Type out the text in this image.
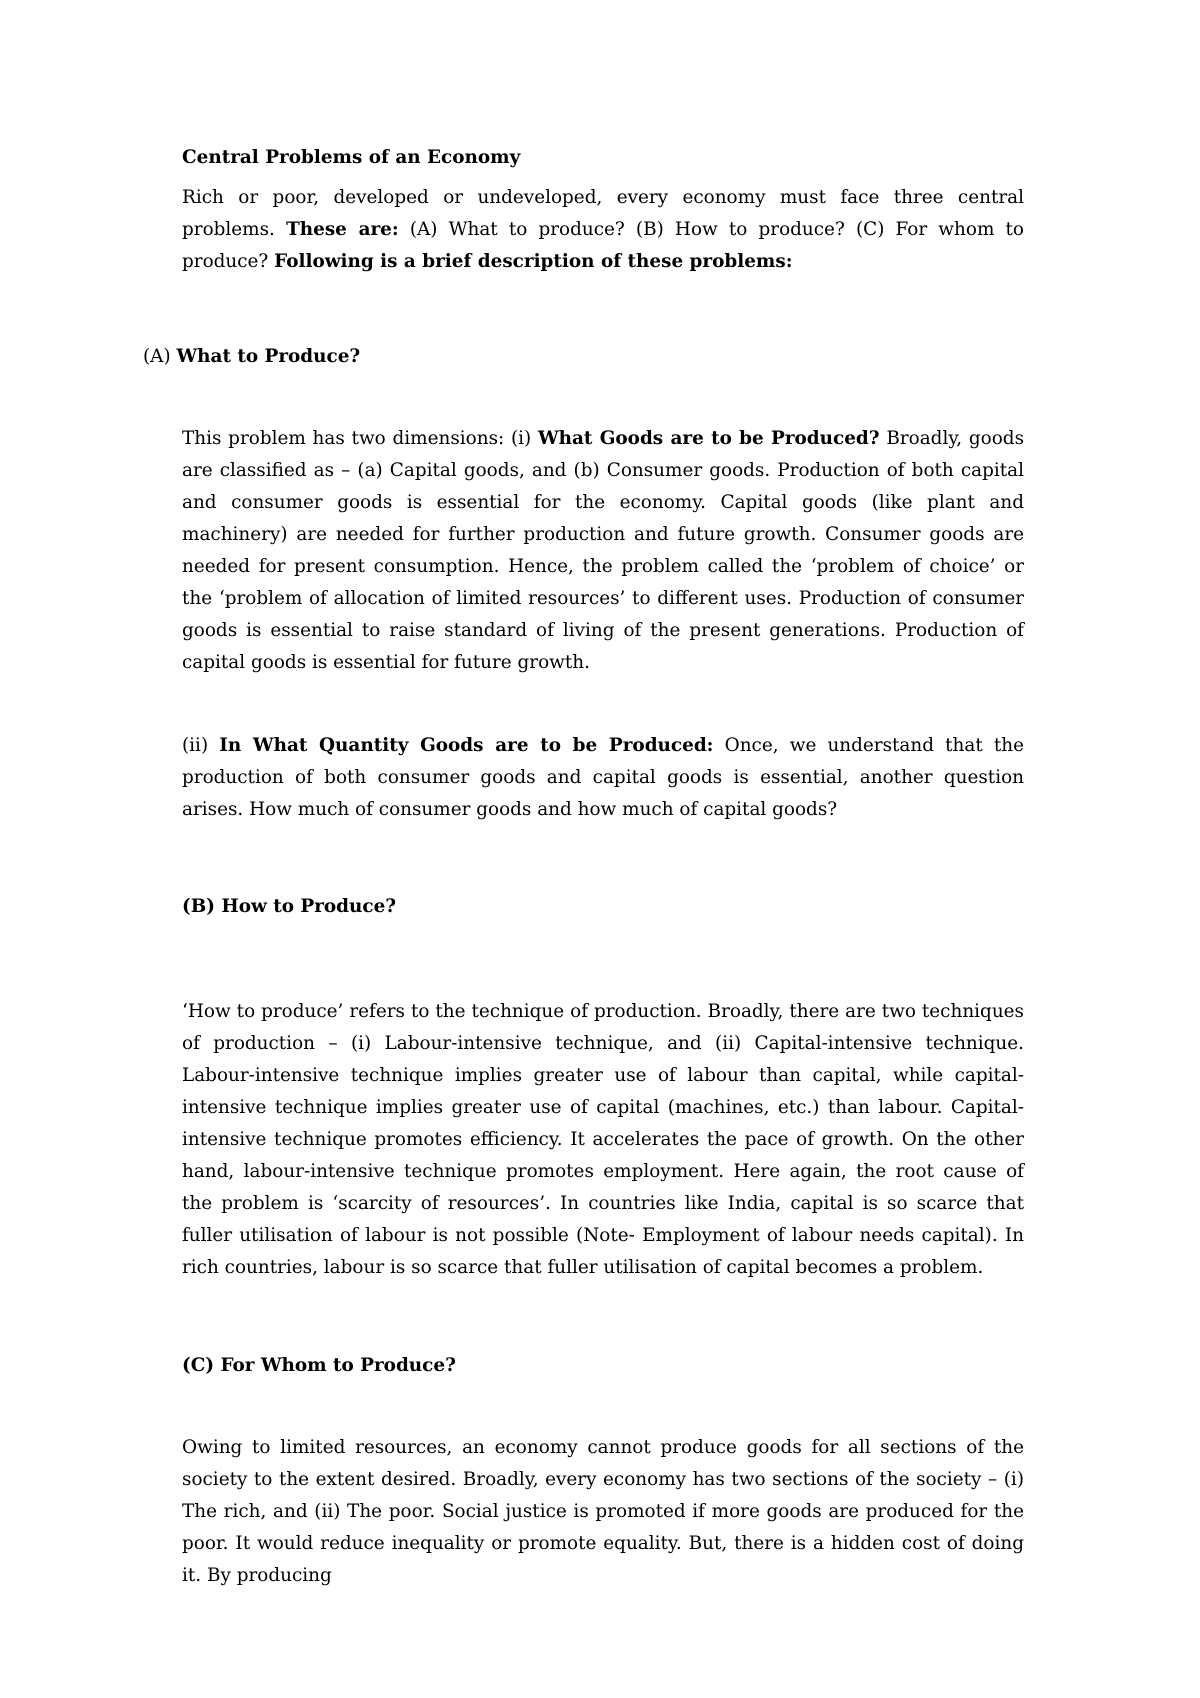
Central Problems of an Economy

Rich or poor, developed or undeveloped, every economy must face three central problems. These are: (A) What to produce? (B) How to produce? (C) For whom to produce? Following is a brief description of these problems:

(A) What to Produce?

This problem has two dimensions: (i) What Goods are to be Produced? Broadly, goods are classified as – (a) Capital goods, and (b) Consumer goods. Production of both capital and consumer goods is essential for the economy. Capital goods (like plant and machinery) are needed for further production and future growth. Consumer goods are needed for present consumption. Hence, the problem called the ‘problem of choice’ or the ‘problem of allocation of limited resources’ to different uses. Production of consumer goods is essential to raise standard of living of the present generations. Production of capital goods is essential for future growth.

(ii) In What Quantity Goods are to be Produced: Once, we understand that the production of both consumer goods and capital goods is essential, another question arises. How much of consumer goods and how much of capital goods?

(B) How to Produce?

‘How to produce’ refers to the technique of production. Broadly, there are two techniques of production – (i) Labour-intensive technique, and (ii) Capital-intensive technique. Labour-intensive technique implies greater use of labour than capital, while capital-intensive technique implies greater use of capital (machines, etc.) than labour. Capital-intensive technique promotes efficiency. It accelerates the pace of growth. On the other hand, labour-intensive technique promotes employment. Here again, the root cause of the problem is ‘scarcity of resources’. In countries like India, capital is so scarce that fuller utilisation of labour is not possible (Note- Employment of labour needs capital). In rich countries, labour is so scarce that fuller utilisation of capital becomes a problem.

(C) For Whom to Produce?

Owing to limited resources, an economy cannot produce goods for all sections of the society to the extent desired. Broadly, every economy has two sections of the society – (i) The rich, and (ii) The poor. Social justice is promoted if more goods are produced for the poor. It would reduce inequality or promote equality. But, there is a hidden cost of doing it. By producing
